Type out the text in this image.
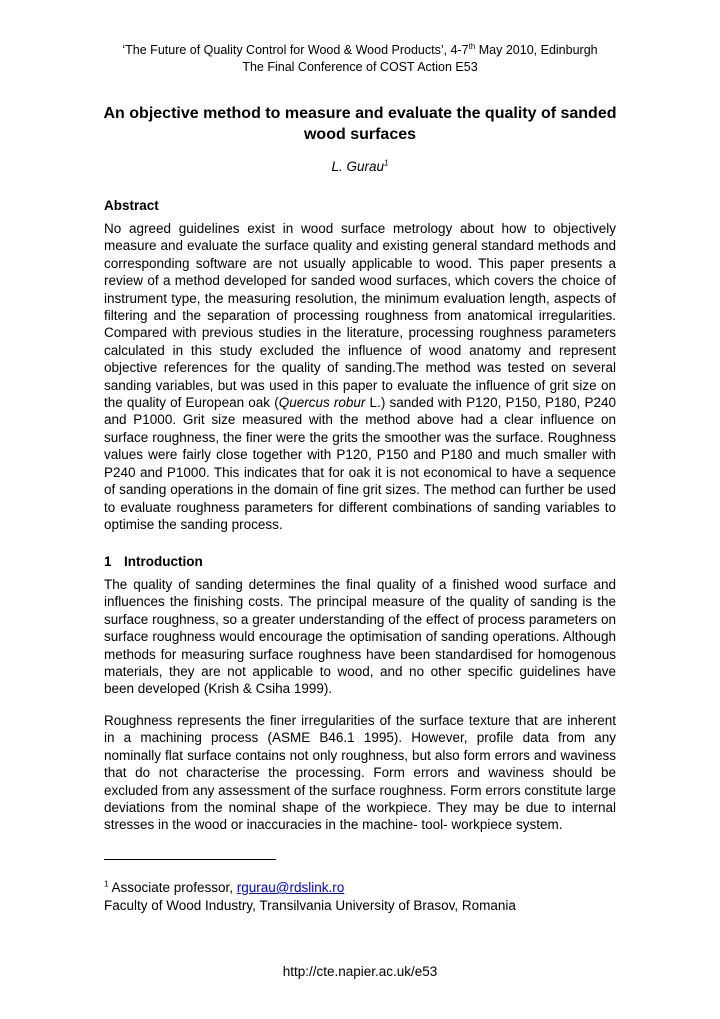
‘The Future of Quality Control for Wood & Wood Products’, 4-7th May 2010, Edinburgh
The Final Conference of COST Action E53
An objective method to measure and evaluate the quality of sanded wood surfaces
L. Gurau$^1$
Abstract
No agreed guidelines exist in wood surface metrology about how to objectively measure and evaluate the surface quality and existing general standard methods and corresponding software are not usually applicable to wood. This paper presents a review of a method developed for sanded wood surfaces, which covers the choice of instrument type, the measuring resolution, the minimum evaluation length, aspects of filtering and the separation of processing roughness from anatomical irregularities. Compared with previous studies in the literature, processing roughness parameters calculated in this study excluded the influence of wood anatomy and represent objective references for the quality of sanding.The method was tested on several sanding variables, but was used in this paper to evaluate the influence of grit size on the quality of European oak (Quercus robur L.) sanded with P120, P150, P180, P240 and P1000. Grit size measured with the method above had a clear influence on surface roughness, the finer were the grits the smoother was the surface. Roughness values were fairly close together with P120, P150 and P180 and much smaller with P240 and P1000. This indicates that for oak it is not economical to have a sequence of sanding operations in the domain of fine grit sizes. The method can further be used to evaluate roughness parameters for different combinations of sanding variables to optimise the sanding process.
1 Introduction
The quality of sanding determines the final quality of a finished wood surface and influences the finishing costs. The principal measure of the quality of sanding is the surface roughness, so a greater understanding of the effect of process parameters on surface roughness would encourage the optimisation of sanding operations. Although methods for measuring surface roughness have been standardised for homogenous materials, they are not applicable to wood, and no other specific guidelines have been developed (Krish & Csiha 1999).
Roughness represents the finer irregularities of the surface texture that are inherent in a machining process (ASME B46.1 1995). However, profile data from any nominally flat surface contains not only roughness, but also form errors and waviness that do not characterise the processing. Form errors and waviness should be excluded from any assessment of the surface roughness. Form errors constitute large deviations from the nominal shape of the workpiece. They may be due to internal stresses in the wood or inaccuracies in the machine- tool- workpiece system.
$^1$ Associate professor, rgurau@rdslink.ro
Faculty of Wood Industry, Transilvania University of Brasov, Romania
http://cte.napier.ac.uk/e53
